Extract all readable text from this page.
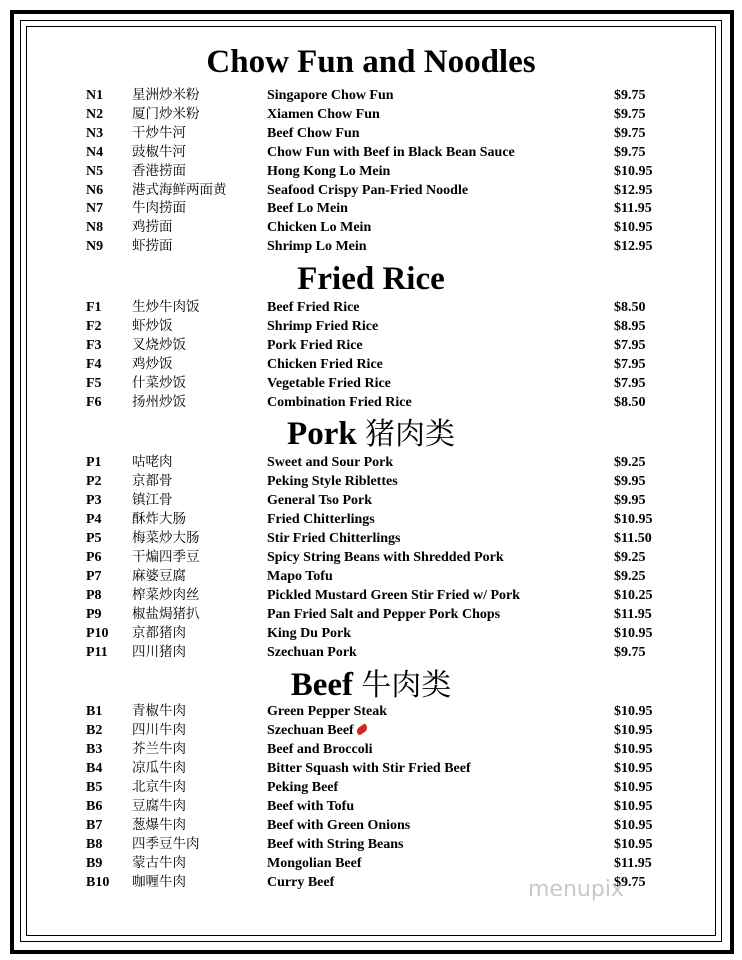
Chow Fun and Noodles
N1 星洲炒米粉	Singapore Chow Fun	$9.75
N2 厦门炒米粉	Xiamen Chow Fun	$9.75
N3 干炒牛河	Beef Chow Fun	$9.75
N4 豉椒牛河	Chow Fun with Beef in Black Bean Sauce	$9.75
N5 香港捞面	Hong Kong Lo Mein	$10.95
N6 港式海鲜两面黄	Seafood Crispy Pan-Fried Noodle	$12.95
N7 牛肉捞面	Beef Lo Mein	$11.95
N8 鸡捞面	Chicken Lo Mein	$10.95
N9 虾捞面	Shrimp Lo Mein	$12.95
Fried Rice
F1 生炒牛肉饭	Beef Fried Rice	$8.50
F2 虾炒饭	Shrimp Fried Rice	$8.95
F3 叉烧炒饭	Pork Fried Rice	$7.95
F4 鸡炒饭	Chicken Fried Rice	$7.95
F5 什菜炒饭	Vegetable Fried Rice	$7.95
F6 扬州炒饭	Combination Fried Rice	$8.50
Pork 猪肉类
P1 咕咾肉	Sweet and Sour Pork	$9.25
P2 京都骨	Peking Style Riblettes	$9.95
P3 镇江骨	General Tso Pork	$9.95
P4 酥炸大肠	Fried Chitterlings	$10.95
P5 梅菜炒大肠	Stir Fried Chitterlings	$11.50
P6 干煸四季豆	Spicy String Beans with Shredded Pork	$9.25
P7 麻婆豆腐	Mapo Tofu	$9.25
P8 榨菜炒肉丝	Pickled Mustard Green Stir Fried w/ Pork	$10.25
P9 椒盐焗猪扒	Pan Fried Salt and Pepper Pork Chops	$11.95
P10 京都猪肉	King Du Pork	$10.95
P11 四川猪肉	Szechuan Pork	$9.75
Beef 牛肉类
B1 青椒牛肉	Green Pepper Steak	$10.95
B2 四川牛肉	Szechuan Beef	$10.95
B3 芥兰牛肉	Beef and Broccoli	$10.95
B4 凉瓜牛肉	Bitter Squash with Stir Fried Beef	$10.95
B5 北京牛肉	Peking Beef	$10.95
B6 豆腐牛肉	Beef with Tofu	$10.95
B7 葱爆牛肉	Beef with Green Onions	$10.95
B8 四季豆牛肉	Beef with String Beans	$10.95
B9 蒙古牛肉	Mongolian Beef	$11.95
B10 咖喱牛肉	Curry Beef	$9.75
menupix
